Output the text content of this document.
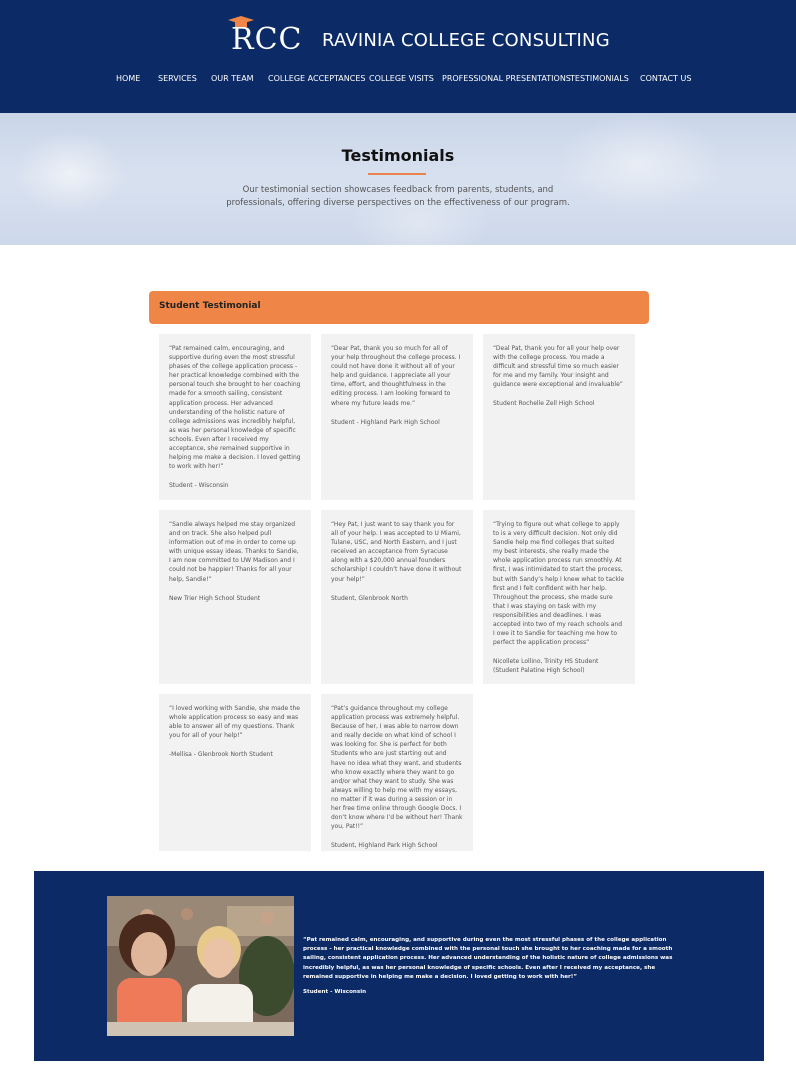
RCC RAVINIA COLLEGE CONSULTING
HOME SERVICES OUR TEAM COLLEGE ACCEPTANCES COLLEGE VISITS PROFESSIONAL PRESENTATIONS TESTIMONIALS CONTACT US
Testimonials
Our testimonial section showcases feedback from parents, students, and professionals, offering diverse perspectives on the effectiveness of our program.
Student Testimonial
“Pat remained calm, encouraging, and supportive during even the most stressful phases of the college application process - her practical knowledge combined with the personal touch she brought to her coaching made for a smooth sailing, consistent application process. Her advanced understanding of the holistic nature of college admissions was incredibly helpful, as was her personal knowledge of specific schools. Even after I received my acceptance, she remained supportive in helping me make a decision. I loved getting to work with her!”
Student - Wisconsin
“Dear Pat, thank you so much for all of your help throughout the college process. I could not have done it without all of your help and guidance. I appreciate all your time, effort, and thoughtfulness in the editing process. I am looking forward to where my future leads me.”
Student - Highland Park High School
“Deal Pat, thank you for all your help over with the college process. You made a difficult and stressful time so much easier for me and my family. Your insight and guidance were exceptional and invaluable”
Student Rochelle Zell High School
“Sandie always helped me stay organized and on track. She also helped pull information out of me in order to come up with unique essay ideas. Thanks to Sandie, I am now committed to UW Madison and I could not be happier! Thanks for all your help, Sandie!”
New Trier High School Student
“Hey Pat, I just want to say thank you for all of your help. I was accepted to U Miami, Tulane, USC, and North Eastern, and I just received an acceptance from Syracuse along with a $20,000 annual founders scholarship! I couldn’t have done it without your help!”
Student, Glenbrook North
“Trying to figure out what college to apply to is a very difficult decision. Not only did Sandie help me find colleges that suited my best interests, she really made the whole application process run smoothly. At first, I was intimidated to start the process, but with Sandy’s help I knew what to tackle first and I felt confident with her help. Throughout the process, she made sure that I was staying on task with my responsibilities and deadlines. I was accepted into two of my reach schools and I owe it to Sandie for teaching me how to perfect the application process”
Nicollete Lollino, Trinity HS Student (Student Palatine High School)
“I loved working with Sandie, she made the whole application process so easy and was able to answer all of my questions. Thank you for all of your help!”
-Mellisa - Glenbrook North Student
“Pat’s guidance throughout my college application process was extremely helpful. Because of her, I was able to narrow down and really decide on what kind of school I was looking for. She is perfect for both Students who are just starting out and have no idea what they want, and students who know exactly where they want to go and/or what they want to study. She was always willing to help me with my essays, no matter if it was during a session or in her free time online through Google Docs. I don’t know where I’d be without her! Thank you, Pat!!”
Student, Highland Park High School
“Pat remained calm, encouraging, and supportive during even the most stressful phases of the college application process - her practical knowledge combined with the personal touch she brought to her coaching made for a smooth sailing, consistent application process. Her advanced understanding of the holistic nature of college admissions was incredibly helpful, as was her personal knowledge of specific schools. Even after I received my acceptance, she remained supportive in helping me make a decision. I loved getting to work with her!”
Student - Wisconsin
